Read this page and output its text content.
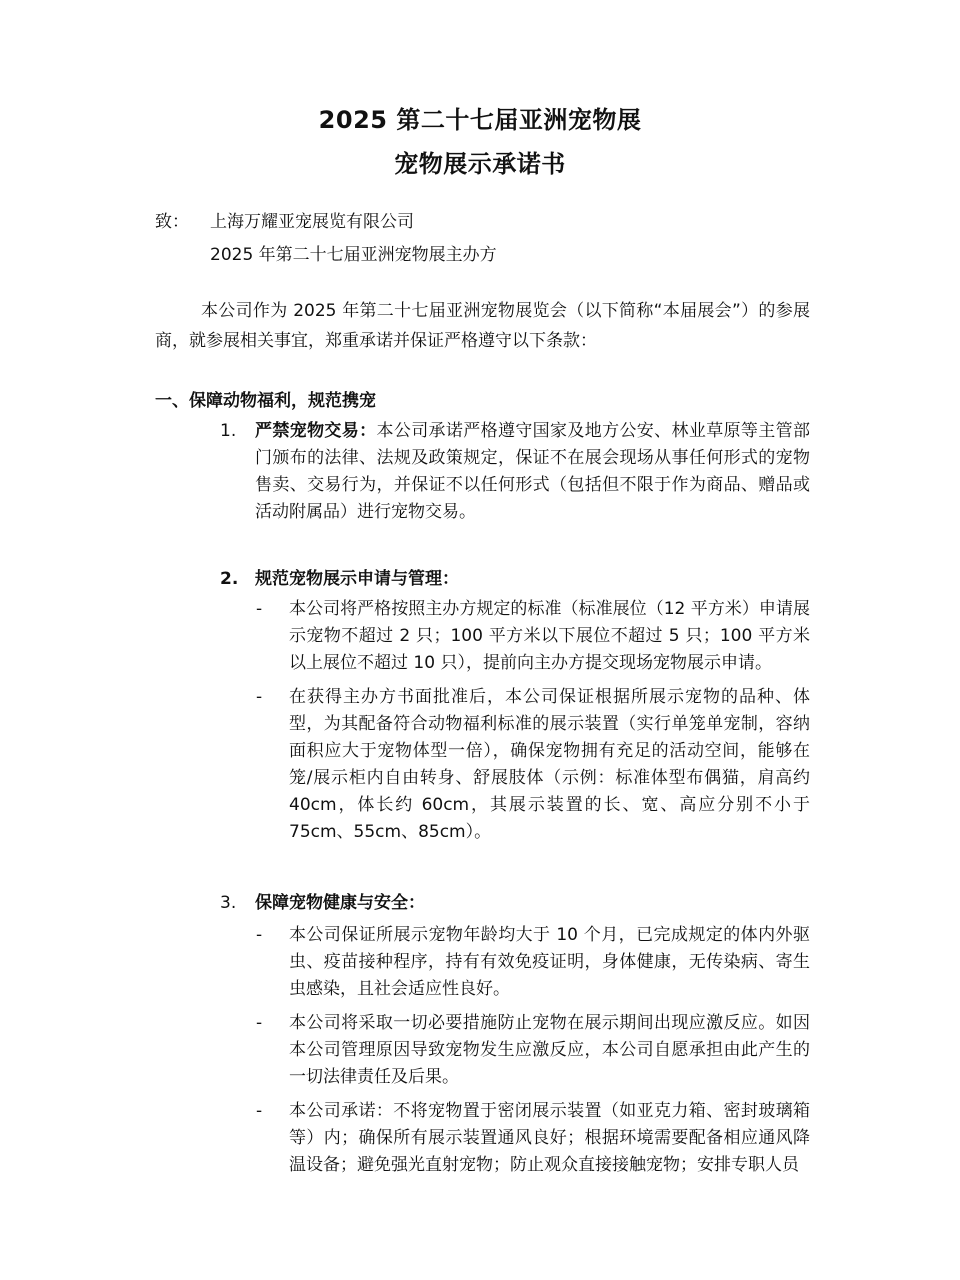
2025 第二十七届亚洲宠物展
宠物展示承诺书
致： 上海万耀亚宠展览有限公司
2025 年第二十七届亚洲宠物展主办方
本公司作为 2025 年第二十七届亚洲宠物展览会（以下简称“本届展会”）的参展商，就参展相关事宜，郑重承诺并保证严格遵守以下条款：
一、保障动物福利，规范携宠
1. 严禁宠物交易：本公司承诺严格遵守国家及地方公安、林业草原等主管部门颁布的法律、法规及政策规定，保证不在展会现场从事任何形式的宠物售卖、交易行为，并保证不以任何形式（包括但不限于作为商品、赠品或活动附属品）进行宠物交易。
2. 规范宠物展示申请与管理：
- 本公司将严格按照主办方规定的标准（标准展位（12 平方米）申请展示宠物不超过 2 只；100 平方米以下展位不超过 5 只；100 平方米以上展位不超过 10 只），提前向主办方提交现场宠物展示申请。
- 在获得主办方书面批准后，本公司保证根据所展示宠物的品种、体型，为其配备符合动物福利标准的展示装置（实行单笼单宠制，容纳面积应大于宠物体型一倍），确保宠物拥有充足的活动空间，能够在笼/展示柜内自由转身、舒展肢体（示例：标准体型布偶猫，肩高约 40cm，体长约 60cm，其展示装置的长、宽、高应分别不小于 75cm、55cm、85cm）。
3. 保障宠物健康与安全：
- 本公司保证所展示宠物年龄均大于 10 个月，已完成规定的体内外驱虫、疫苗接种程序，持有有效免疫证明，身体健康，无传染病、寄生虫感染，且社会适应性良好。
- 本公司将采取一切必要措施防止宠物在展示期间出现应激反应。如因本公司管理原因导致宠物发生应激反应，本公司自愿承担由此产生的一切法律责任及后果。
- 本公司承诺：不将宠物置于密闭展示装置（如亚克力箱、密封玻璃箱等）内；确保所有展示装置通风良好；根据环境需要配备相应通风降温设备；避免强光直射宠物；防止观众直接接触宠物；安排专职人员
